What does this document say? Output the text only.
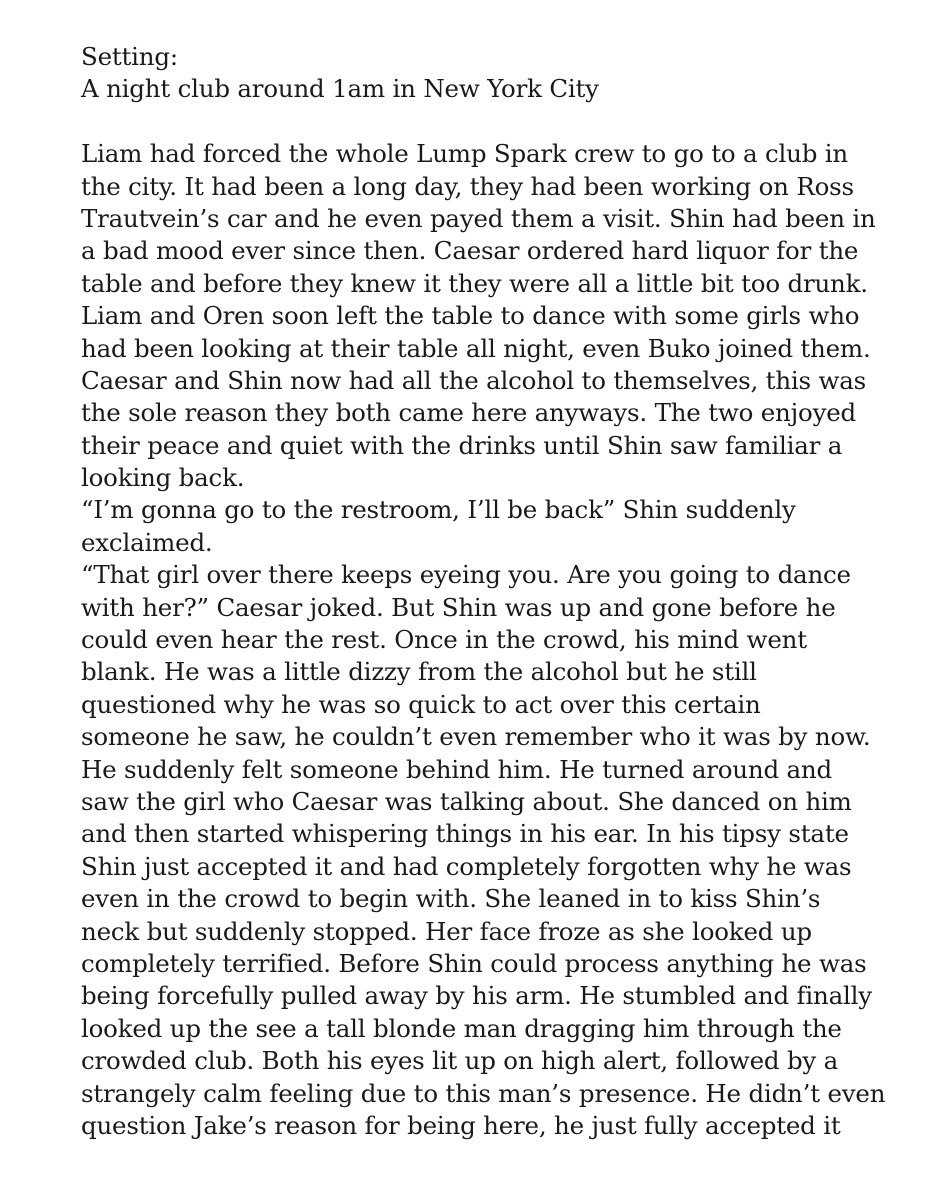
Setting:
A night club around 1am in New York City
Liam had forced the whole Lump Spark crew to go to a club in
the city. It had been a long day, they had been working on Ross
Trautvein’s car and he even payed them a visit. Shin had been in
a bad mood ever since then. Caesar ordered hard liquor for the
table and before they knew it they were all a little bit too drunk.
Liam and Oren soon left the table to dance with some girls who
had been looking at their table all night, even Buko joined them.
Caesar and Shin now had all the alcohol to themselves, this was
the sole reason they both came here anyways. The two enjoyed
their peace and quiet with the drinks until Shin saw familiar a
looking back.
“I’m gonna go to the restroom, I’ll be back” Shin suddenly
exclaimed.
“That girl over there keeps eyeing you. Are you going to dance
with her?” Caesar joked. But Shin was up and gone before he
could even hear the rest. Once in the crowd, his mind went
blank. He was a little dizzy from the alcohol but he still
questioned why he was so quick to act over this certain
someone he saw, he couldn’t even remember who it was by now.
He suddenly felt someone behind him. He turned around and
saw the girl who Caesar was talking about. She danced on him
and then started whispering things in his ear. In his tipsy state
Shin just accepted it and had completely forgotten why he was
even in the crowd to begin with. She leaned in to kiss Shin’s
neck but suddenly stopped. Her face froze as she looked up
completely terrified. Before Shin could process anything he was
being forcefully pulled away by his arm. He stumbled and finally
looked up the see a tall blonde man dragging him through the
crowded club. Both his eyes lit up on high alert, followed by a
strangely calm feeling due to this man’s presence. He didn’t even
question Jake’s reason for being here, he just fully accepted it
